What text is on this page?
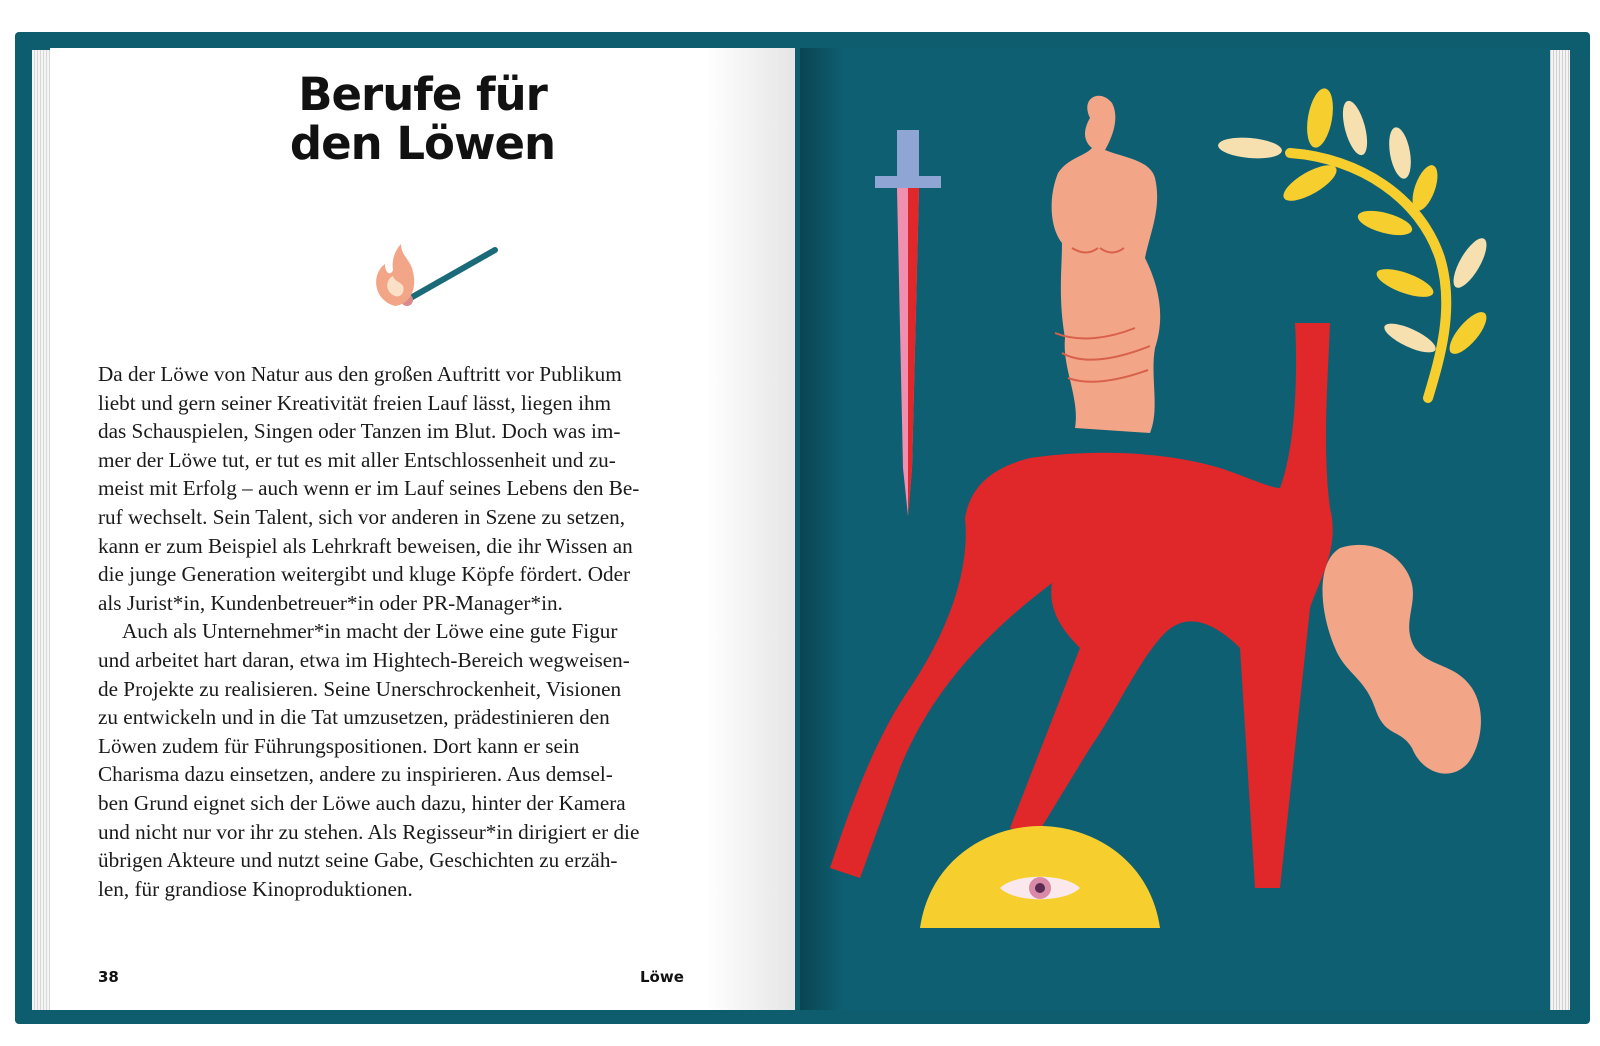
Berufe für
den Löwen

Da der Löwe von Natur aus den großen Auftritt vor Publikum
liebt und gern seiner Kreativität freien Lauf lässt, liegen ihm
das Schauspielen, Singen oder Tanzen im Blut. Doch was im-
mer der Löwe tut, er tut es mit aller Entschlossenheit und zu-
meist mit Erfolg – auch wenn er im Lauf seines Lebens den Be-
ruf wechselt. Sein Talent, sich vor anderen in Szene zu setzen,
kann er zum Beispiel als Lehrkraft beweisen, die ihr Wissen an
die junge Generation weitergibt und kluge Köpfe fördert. Oder
als Jurist*in, Kundenbetreuer*in oder PR-Manager*in.

Auch als Unternehmer*in macht der Löwe eine gute Figur
und arbeitet hart daran, etwa im Hightech-Bereich wegweisen-
de Projekte zu realisieren. Seine Unerschrockenheit, Visionen
zu entwickeln und in die Tat umzusetzen, prädestinieren den
Löwen zudem für Führungspositionen. Dort kann er sein
Charisma dazu einsetzen, andere zu inspirieren. Aus demsel-
ben Grund eignet sich der Löwe auch dazu, hinter der Kamera
und nicht nur vor ihr zu stehen. Als Regisseur*in dirigiert er die
übrigen Akteure und nutzt seine Gabe, Geschichten zu erzäh-
len, für grandiose Kinoproduktionen.

38	Löwe
